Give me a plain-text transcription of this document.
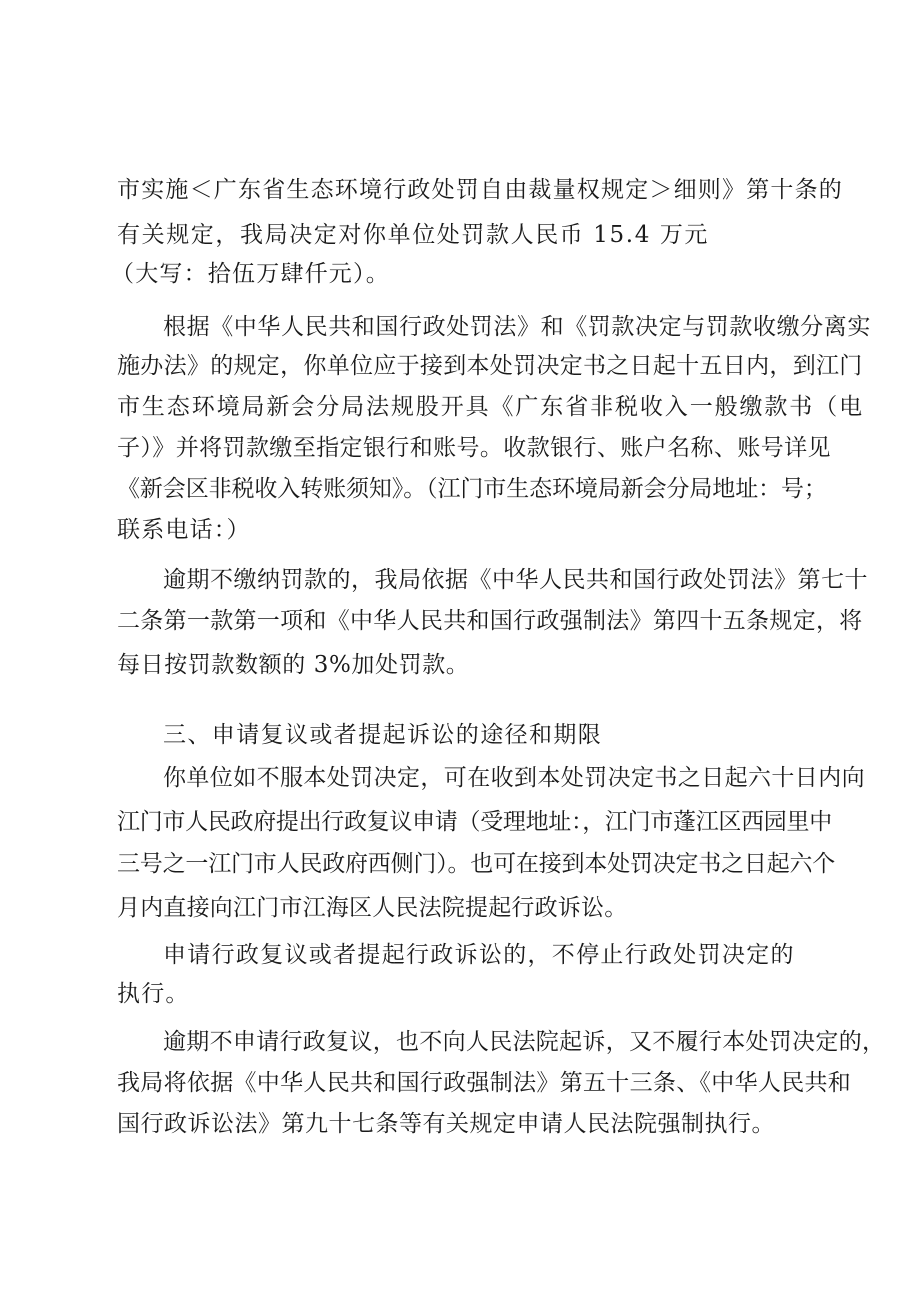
市实施＜广东省生态环境行政处罚自由裁量权规定＞细则》第十条的
有关规定，我局决定对你单位处罚款人民币 15.4 万元
（大写：拾伍万肆仟元）。
根据《中华人民共和国行政处罚法》和《罚款决定与罚款收缴分离实
施办法》的规定，你单位应于接到本处罚决定书之日起十五日内，到江门
市生态环境局新会分局法规股开具《广东省非税收入一般缴款书（电
子）》并将罚款缴至指定银行和账号。收款银行、账户名称、账号详见
《新会区非税收入转账须知》。（江门市生态环境局新会分局地址：号；
联系电话：）
逾期不缴纳罚款的，我局依据《中华人民共和国行政处罚法》第七十
二条第一款第一项和《中华人民共和国行政强制法》第四十五条规定，将
每日按罚款数额的 3%加处罚款。
三、申请复议或者提起诉讼的途径和期限
你单位如不服本处罚决定，可在收到本处罚决定书之日起六十日内向
江门市人民政府提出行政复议申请（受理地址：，江门市蓬江区西园里中
三号之一江门市人民政府西侧门）。也可在接到本处罚决定书之日起六个
月内直接向江门市江海区人民法院提起行政诉讼。
申请行政复议或者提起行政诉讼的，不停止行政处罚决定的
执行。
逾期不申请行政复议，也不向人民法院起诉，又不履行本处罚决定的，
我局将依据《中华人民共和国行政强制法》第五十三条、《中华人民共和
国行政诉讼法》第九十七条等有关规定申请人民法院强制执行。
